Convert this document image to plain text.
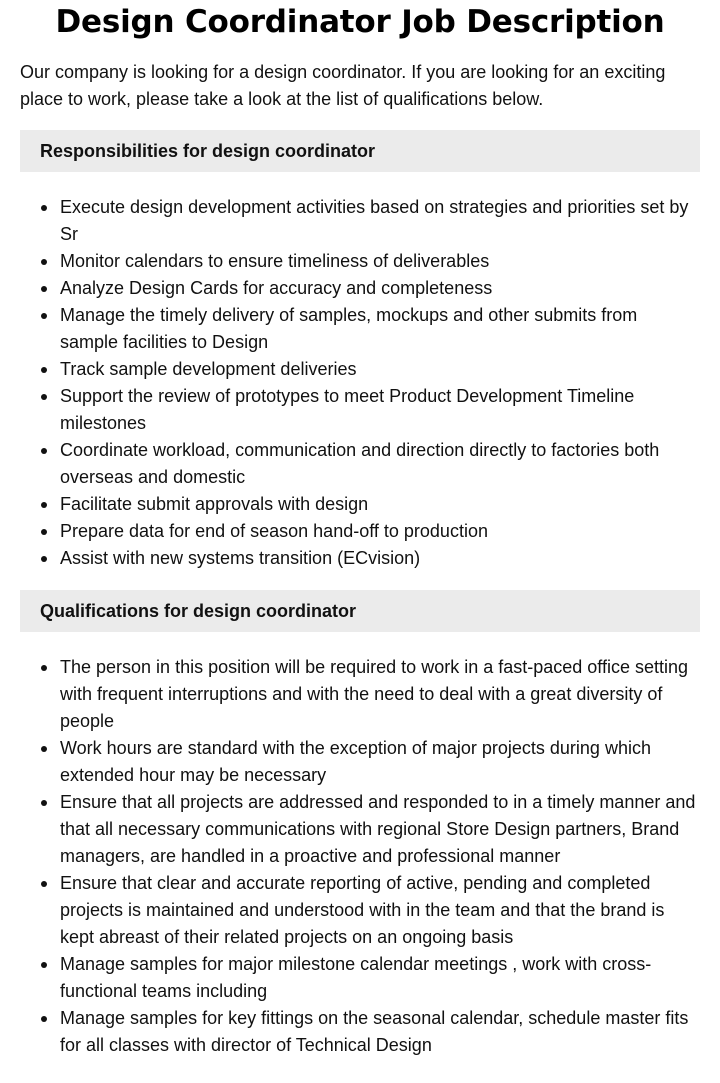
Design Coordinator Job Description

Our company is looking for a design coordinator. If you are looking for an exciting place to work, please take a look at the list of qualifications below.

Responsibilities for design coordinator
Execute design development activities based on strategies and priorities set by Sr
Monitor calendars to ensure timeliness of deliverables
Analyze Design Cards for accuracy and completeness
Manage the timely delivery of samples, mockups and other submits from sample facilities to Design
Track sample development deliveries
Support the review of prototypes to meet Product Development Timeline milestones
Coordinate workload, communication and direction directly to factories both overseas and domestic
Facilitate submit approvals with design
Prepare data for end of season hand-off to production
Assist with new systems transition (ECvision)
Qualifications for design coordinator
The person in this position will be required to work in a fast-paced office setting with frequent interruptions and with the need to deal with a great diversity of people
Work hours are standard with the exception of major projects during which extended hour may be necessary
Ensure that all projects are addressed and responded to in a timely manner and that all necessary communications with regional Store Design partners, Brand managers, are handled in a proactive and professional manner
Ensure that clear and accurate reporting of active, pending and completed projects is maintained and understood with in the team and that the brand is kept abreast of their related projects on an ongoing basis
Manage samples for major milestone calendar meetings , work with cross-functional teams including
Manage samples for key fittings on the seasonal calendar, schedule master fits for all classes with director of Technical Design
